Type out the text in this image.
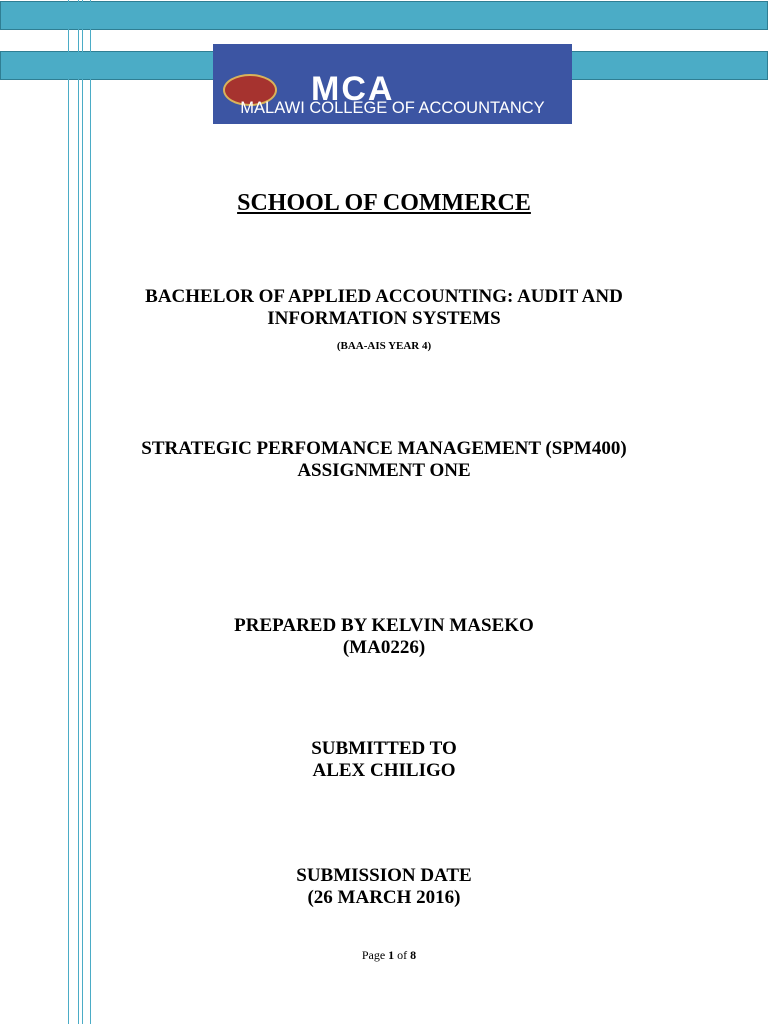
MCA
MALAWI COLLEGE OF ACCOUNTANCY
SCHOOL OF COMMERCE
BACHELOR OF APPLIED ACCOUNTING: AUDIT AND
INFORMATION SYSTEMS
(BAA-AIS YEAR 4)
STRATEGIC PERFOMANCE MANAGEMENT (SPM400)
ASSIGNMENT ONE
PREPARED BY KELVIN MASEKO
(MA0226)
SUBMITTED TO
ALEX CHILIGO
SUBMISSION DATE
(26 MARCH 2016)
Page 1 of 8
